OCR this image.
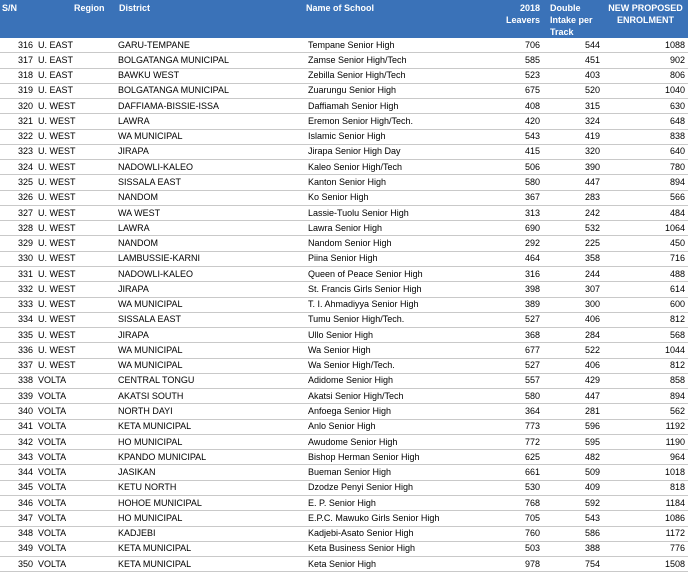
S/N	Region	District	Name of School	2018
Leavers	Double
Intake per
Track	NEW PROPOSED
ENROLMENT

316	U. EAST	GARU-TEMPANE	Tempane Senior High	706	544	1088
317	U. EAST	BOLGATANGA MUNICIPAL	Zamse Senior High/Tech	585	451	902
318	U. EAST	BAWKU WEST	Zebilla Senior High/Tech	523	403	806
319	U. EAST	BOLGATANGA MUNICIPAL	Zuarungu Senior High	675	520	1040
320	U. WEST	DAFFIAMA-BISSIE-ISSA	Daffiamah Senior High	408	315	630
321	U. WEST	LAWRA	Eremon Senior High/Tech.	420	324	648
322	U. WEST	WA MUNICIPAL	Islamic Senior High	543	419	838
323	U. WEST	JIRAPA	Jirapa Senior High Day	415	320	640
324	U. WEST	NADOWLI-KALEO	Kaleo Senior High/Tech	506	390	780
325	U. WEST	SISSALA EAST	Kanton Senior High	580	447	894
326	U. WEST	NANDOM	Ko Senior High	367	283	566
327	U. WEST	WA WEST	Lassie-Tuolu Senior High	313	242	484
328	U. WEST	LAWRA	Lawra Senior High	690	532	1064
329	U. WEST	NANDOM	Nandom Senior High	292	225	450
330	U. WEST	LAMBUSSIE-KARNI	Piina Senior High	464	358	716
331	U. WEST	NADOWLI-KALEO	Queen of Peace Senior High	316	244	488
332	U. WEST	JIRAPA	St. Francis Girls Senior High	398	307	614
333	U. WEST	WA MUNICIPAL	T. I. Ahmadiyya Senior High	389	300	600
334	U. WEST	SISSALA EAST	Tumu Senior High/Tech.	527	406	812
335	U. WEST	JIRAPA	Ullo Senior High	368	284	568
336	U. WEST	WA MUNICIPAL	Wa Senior High	677	522	1044
337	U. WEST	WA MUNICIPAL	Wa Senior High/Tech.	527	406	812
338	VOLTA	CENTRAL TONGU	Adidome Senior High	557	429	858
339	VOLTA	AKATSI SOUTH	Akatsi Senior High/Tech	580	447	894
340	VOLTA	NORTH DAYI	Anfoega Senior High	364	281	562
341	VOLTA	KETA MUNICIPAL	Anlo Senior High	773	596	1192
342	VOLTA	HO MUNICIPAL	Awudome Senior High	772	595	1190
343	VOLTA	KPANDO MUNICIPAL	Bishop Herman Senior High	625	482	964
344	VOLTA	JASIKAN	Bueman Senior High	661	509	1018
345	VOLTA	KETU NORTH	Dzodze Penyi Senior High	530	409	818
346	VOLTA	HOHOE MUNICIPAL	E. P. Senior High	768	592	1184
347	VOLTA	HO MUNICIPAL	E.P.C. Mawuko Girls Senior High	705	543	1086
348	VOLTA	KADJEBI	Kadjebi-Asato Senior High	760	586	1172
349	VOLTA	KETA MUNICIPAL	Keta Business Senior High	503	388	776
350	VOLTA	KETA MUNICIPAL	Keta Senior High	978	754	1508
